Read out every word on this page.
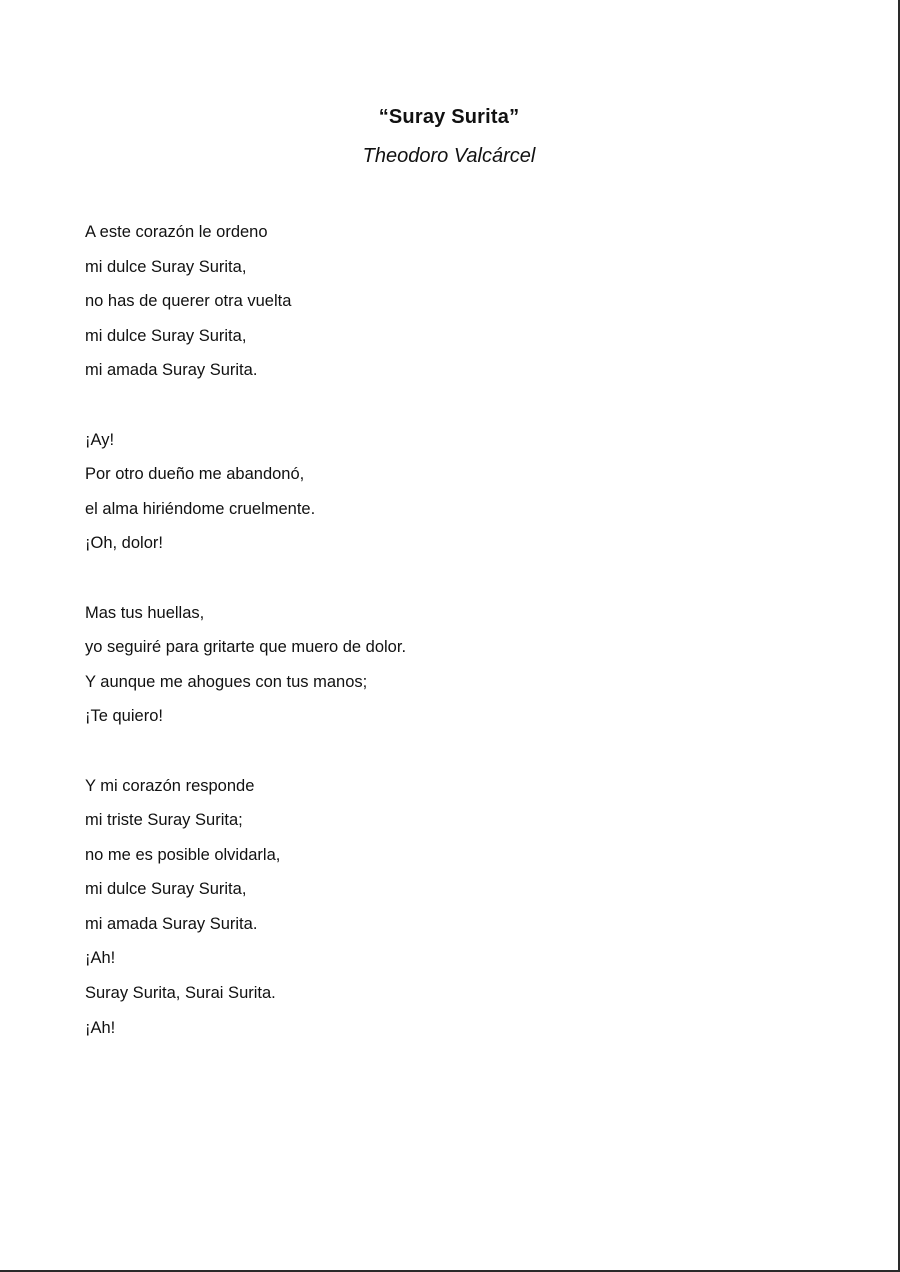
“Suray Surita”
Theodoro Valcárcel
A este corazón le ordeno
mi dulce Suray Surita,
no has de querer otra vuelta
mi dulce Suray Surita,
mi amada Suray Surita.
¡Ay!
Por otro dueño me abandonó,
el alma hiriéndome cruelmente.
¡Oh, dolor!
Mas tus huellas,
yo seguiré para gritarte que muero de dolor.
Y aunque me ahogues con tus manos;
¡Te quiero!
Y mi corazón responde
mi triste Suray Surita;
no me es posible olvidarla,
mi dulce Suray Surita,
mi amada Suray Surita.
¡Ah!
Suray Surita, Surai Surita.
¡Ah!
